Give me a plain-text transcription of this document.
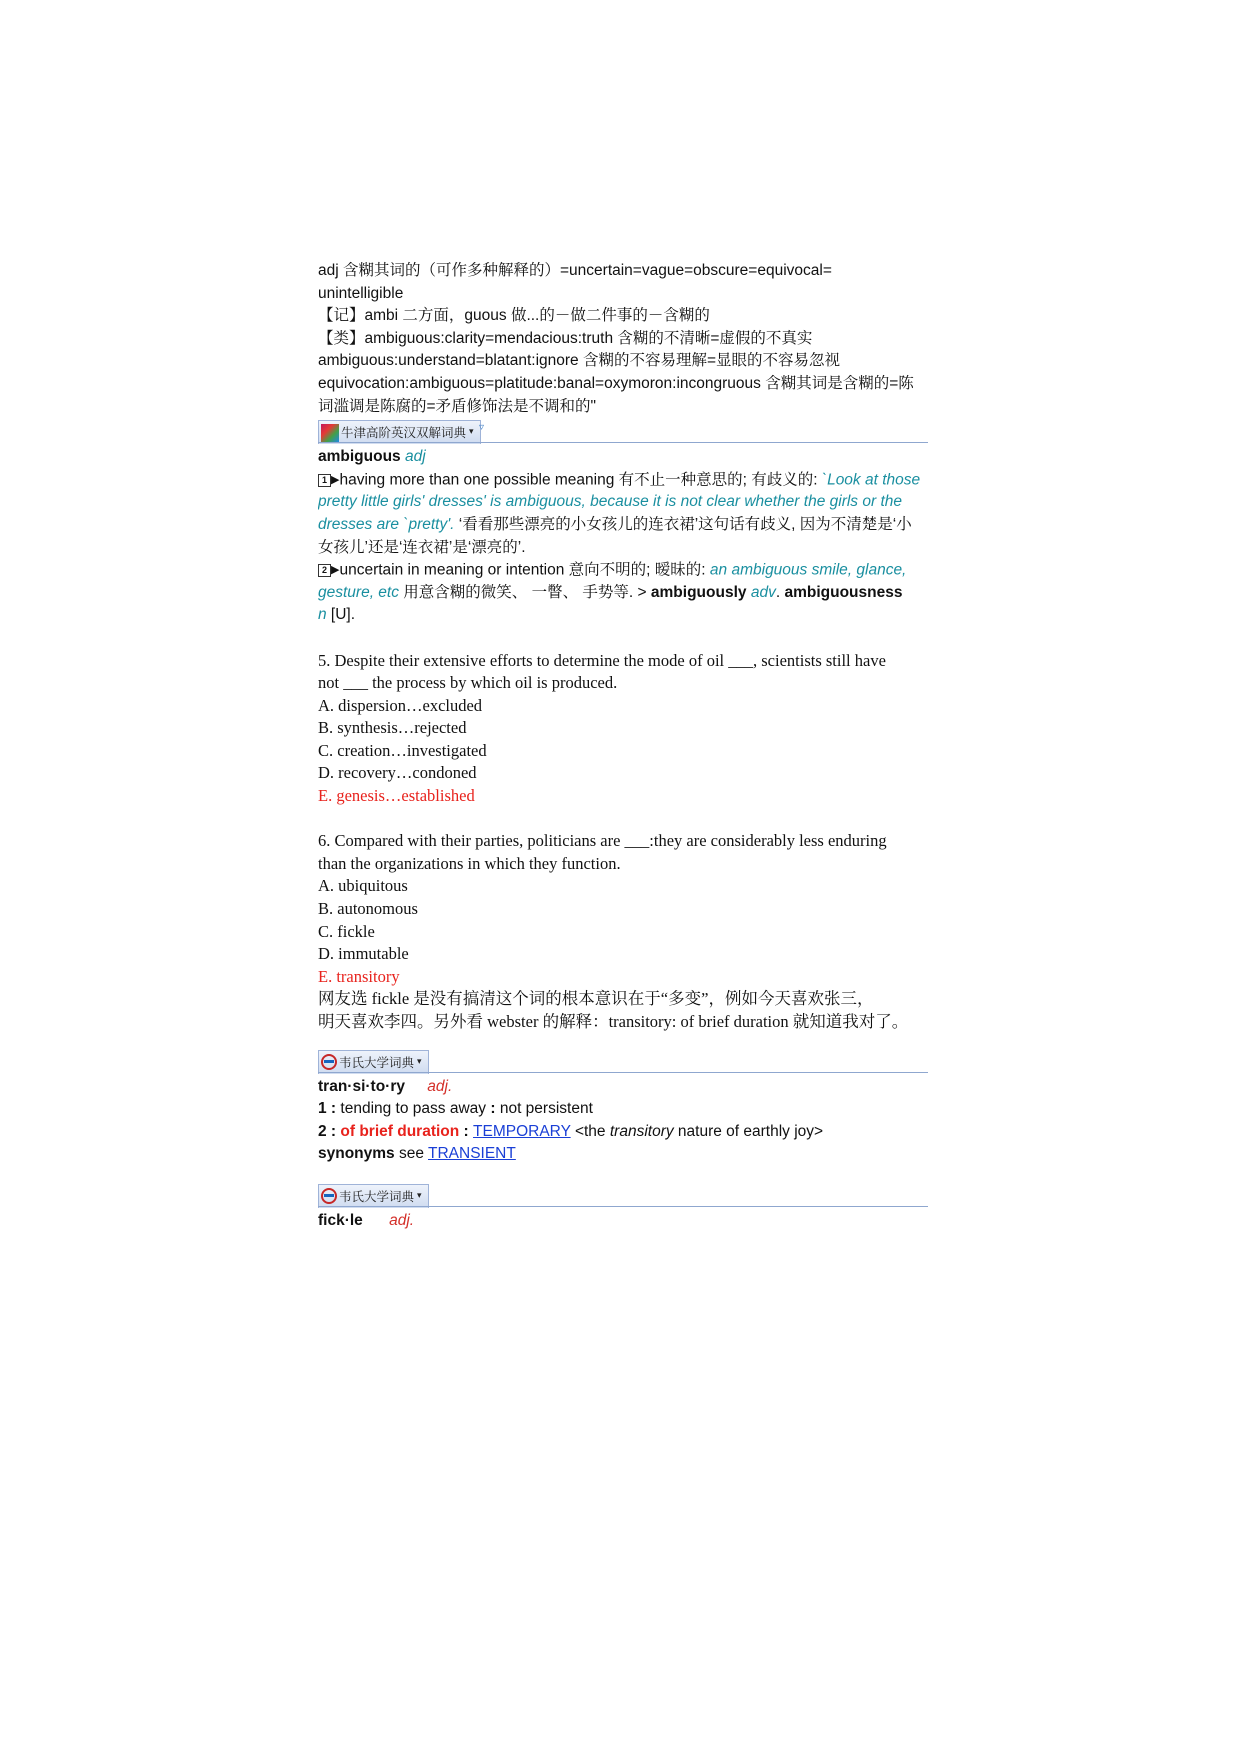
adj 含糊其词的（可作多种解释的）=uncertain=vague=obscure=equivocal=
unintelligible
【记】ambi 二方面，guous 做...的－做二件事的－含糊的
【类】ambiguous:clarity=mendacious:truth 含糊的不清晰=虚假的不真实
ambiguous:understand=blatant:ignore 含糊的不容易理解=显眼的不容易忽视
equivocation:ambiguous=platitude:banal=oxymoron:incongruous 含糊其词是含糊的=陈
词滥调是陈腐的=矛盾修饰法是不调和的"
牛津高阶英汉双解词典 ▾ ▿
ambiguous adj
1 ▶having more than one possible meaning 有不止一种意思的; 有歧义的: `Look at those
pretty little girls' dresses' is ambiguous, because it is not clear whether the girls or the
dresses are `pretty'. ‘看看那些漂亮的小女孩儿的连衣裙’这句话有歧义, 因为不清楚是‘小
女孩儿’还是‘连衣裙’是‘漂亮的’.
2 ▶uncertain in meaning or intention 意向不明的; 暧昧的: an ambiguous smile, glance,
gesture, etc 用意含糊的微笑、 一瞥、 手势等. > ambiguously adv. ambiguousness
n [U].
5. Despite their extensive efforts to determine the mode of oil ___, scientists still have
not ___ the process by which oil is produced.
A. dispersion…excluded
B. synthesis…rejected
C. creation…investigated
D. recovery…condoned
E. genesis…established
6. Compared with their parties, politicians are ___:they are considerably less enduring
than the organizations in which they function.
A. ubiquitous
B. autonomous
C. fickle
D. immutable
E. transitory
网友选 fickle 是没有搞清这个词的根本意识在于“多变”，例如今天喜欢张三，
明天喜欢李四。另外看 webster 的解释：transitory: of brief duration 就知道我对了。
韦氏大学词典 ▾
tran·si·to·ry adj.
1 : tending to pass away : not persistent
2 : of brief duration : TEMPORARY <the transitory nature of earthly joy>
synonyms see TRANSIENT
韦氏大学词典 ▾
fick·le adj.
